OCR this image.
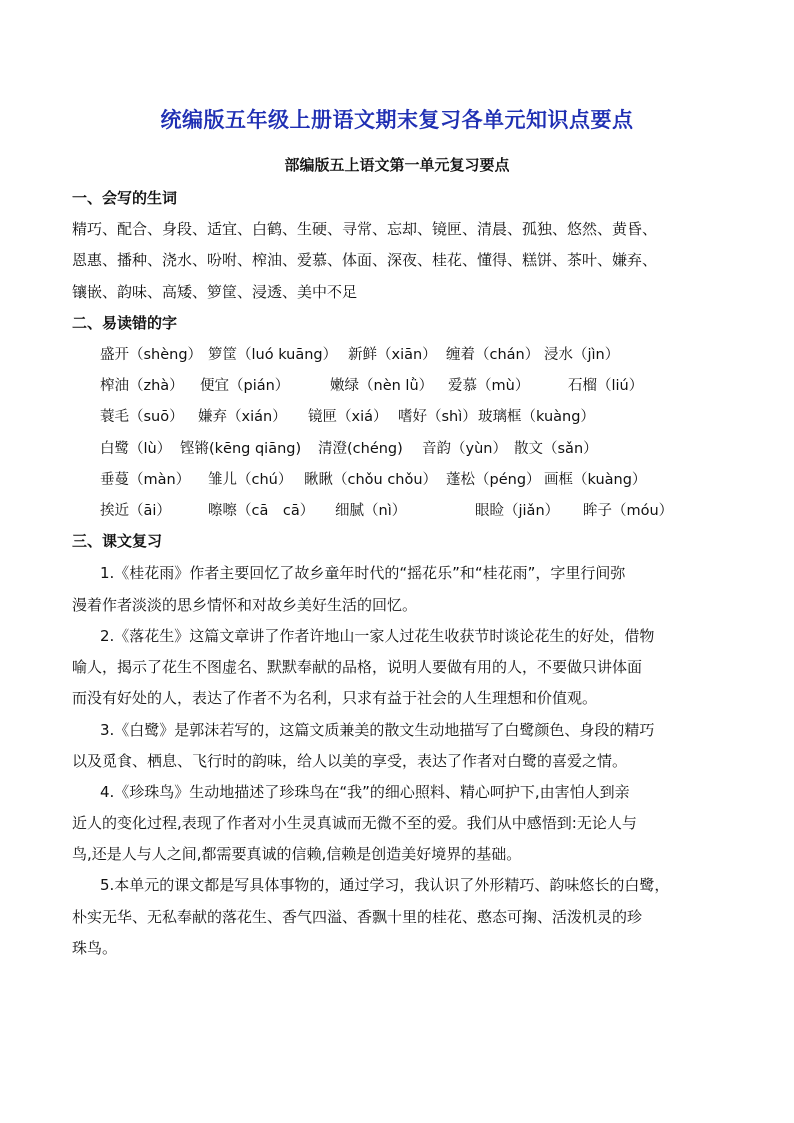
统编版五年级上册语文期末复习各单元知识点要点
部编版五上语文第一单元复习要点
一、会写的生词
精巧、配合、身段、适宜、白鹤、生硬、寻常、忘却、镜匣、清晨、孤独、悠然、黄昏、
恩惠、播种、浇水、吩咐、榨油、爱慕、体面、深夜、桂花、懂得、糕饼、茶叶、嫌弃、
镶嵌、韵味、高矮、箩筐、浸透、美中不足
二、易读错的字
盛开（shèng） 箩筐（luó kuāng） 新鲜（xiān） 缠着（chán） 浸水（jìn）
榨油（zhà） 便宜（pián）	嫩绿（nèn lǜ） 爱慕（mù）	石榴（liú）
蓑毛（suō） 嫌弃（xián） 镜匣（xiá） 嗜好（shì）玻璃框（kuàng）
白鹭（lù） 铿锵(kēng qiāng) 清澄(chéng) 音韵（yùn） 散文（sǎn）
垂蔓（màn） 雏儿（chú） 瞅瞅（chǒu chǒu） 蓬松（péng） 画框（kuàng）
挨近（āi）	嚓嚓（cā　cā） 细腻（nì）	眼睑（jiǎn） 眸子（móu）
三、课文复习
1.《桂花雨》作者主要回忆了故乡童年时代的“摇花乐”和“桂花雨”，字里行间弥
漫着作者淡淡的思乡情怀和对故乡美好生活的回忆。
2.《落花生》这篇文章讲了作者许地山一家人过花生收获节时谈论花生的好处，借物
喻人，揭示了花生不图虚名、默默奉献的品格，说明人要做有用的人，不要做只讲体面
而没有好处的人，表达了作者不为名利，只求有益于社会的人生理想和价值观。
3.《白鹭》是郭沫若写的，这篇文质兼美的散文生动地描写了白鹭颜色、身段的精巧
以及觅食、栖息、飞行时的韵味，给人以美的享受，表达了作者对白鹭的喜爱之情。
4.《珍珠鸟》生动地描述了珍珠鸟在“我”的细心照料、精心呵护下,由害怕人到亲
近人的变化过程,表现了作者对小生灵真诚而无微不至的爱。我们从中感悟到:无论人与
鸟,还是人与人之间,都需要真诚的信赖,信赖是创造美好境界的基础。
5.本单元的课文都是写具体事物的，通过学习，我认识了外形精巧、韵味悠长的白鹭，
朴实无华、无私奉献的落花生、香气四溢、香飘十里的桂花、憨态可掬、活泼机灵的珍
珠鸟。
